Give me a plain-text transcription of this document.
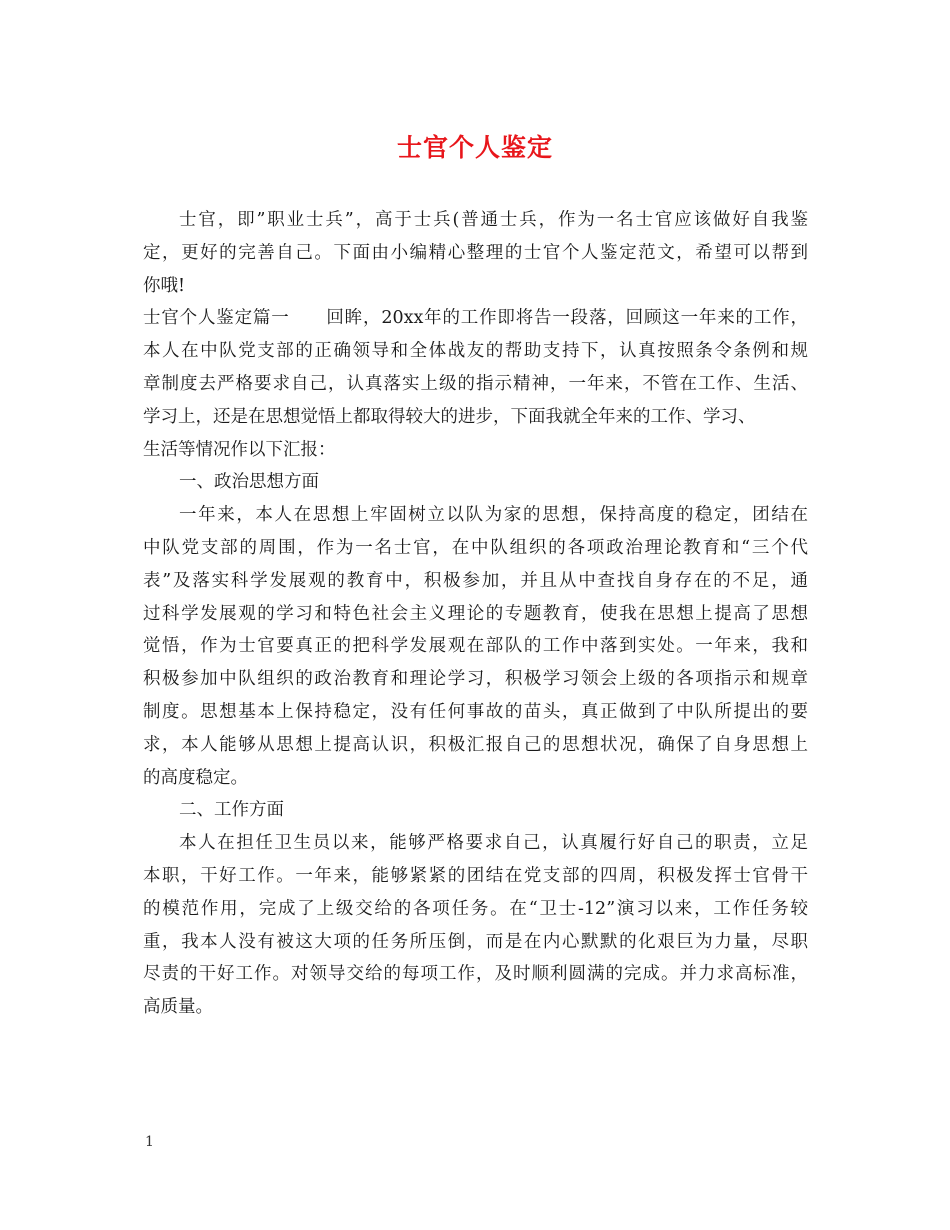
士官个人鉴定
士官，即”职业士兵”，高于士兵(普通士兵，作为一名士官应该做好自我鉴
定，更好的完善自己。下面由小编精心整理的士官个人鉴定范文，希望可以帮到
你哦!
士官个人鉴定篇一 回眸，20xx年的工作即将告一段落，回顾这一年来的工作，
本人在中队党支部的正确领导和全体战友的帮助支持下，认真按照条令条例和规
章制度去严格要求自己，认真落实上级的指示精神，一年来，不管在工作、生活、
学习上，还是在思想觉悟上都取得较大的进步，下面我就全年来的工作、学习、
生活等情况作以下汇报：
一、政治思想方面
一年来，本人在思想上牢固树立以队为家的思想，保持高度的稳定，团结在
中队党支部的周围，作为一名士官，在中队组织的各项政治理论教育和“三个代
表”及落实科学发展观的教育中，积极参加，并且从中查找自身存在的不足，通
过科学发展观的学习和特色社会主义理论的专题教育，使我在思想上提高了思想
觉悟，作为士官要真正的把科学发展观在部队的工作中落到实处。一年来，我和
积极参加中队组织的政治教育和理论学习，积极学习领会上级的各项指示和规章
制度。思想基本上保持稳定，没有任何事故的苗头，真正做到了中队所提出的要
求，本人能够从思想上提高认识，积极汇报自己的思想状况，确保了自身思想上
的高度稳定。
二、工作方面
本人在担任卫生员以来，能够严格要求自己，认真履行好自己的职责，立足
本职，干好工作。一年来，能够紧紧的团结在党支部的四周，积极发挥士官骨干
的模范作用，完成了上级交给的各项任务。在“卫士-12”演习以来，工作任务较
重，我本人没有被这大项的任务所压倒，而是在内心默默的化艰巨为力量，尽职
尽责的干好工作。对领导交给的每项工作，及时顺利圆满的完成。并力求高标准，
高质量。
1
